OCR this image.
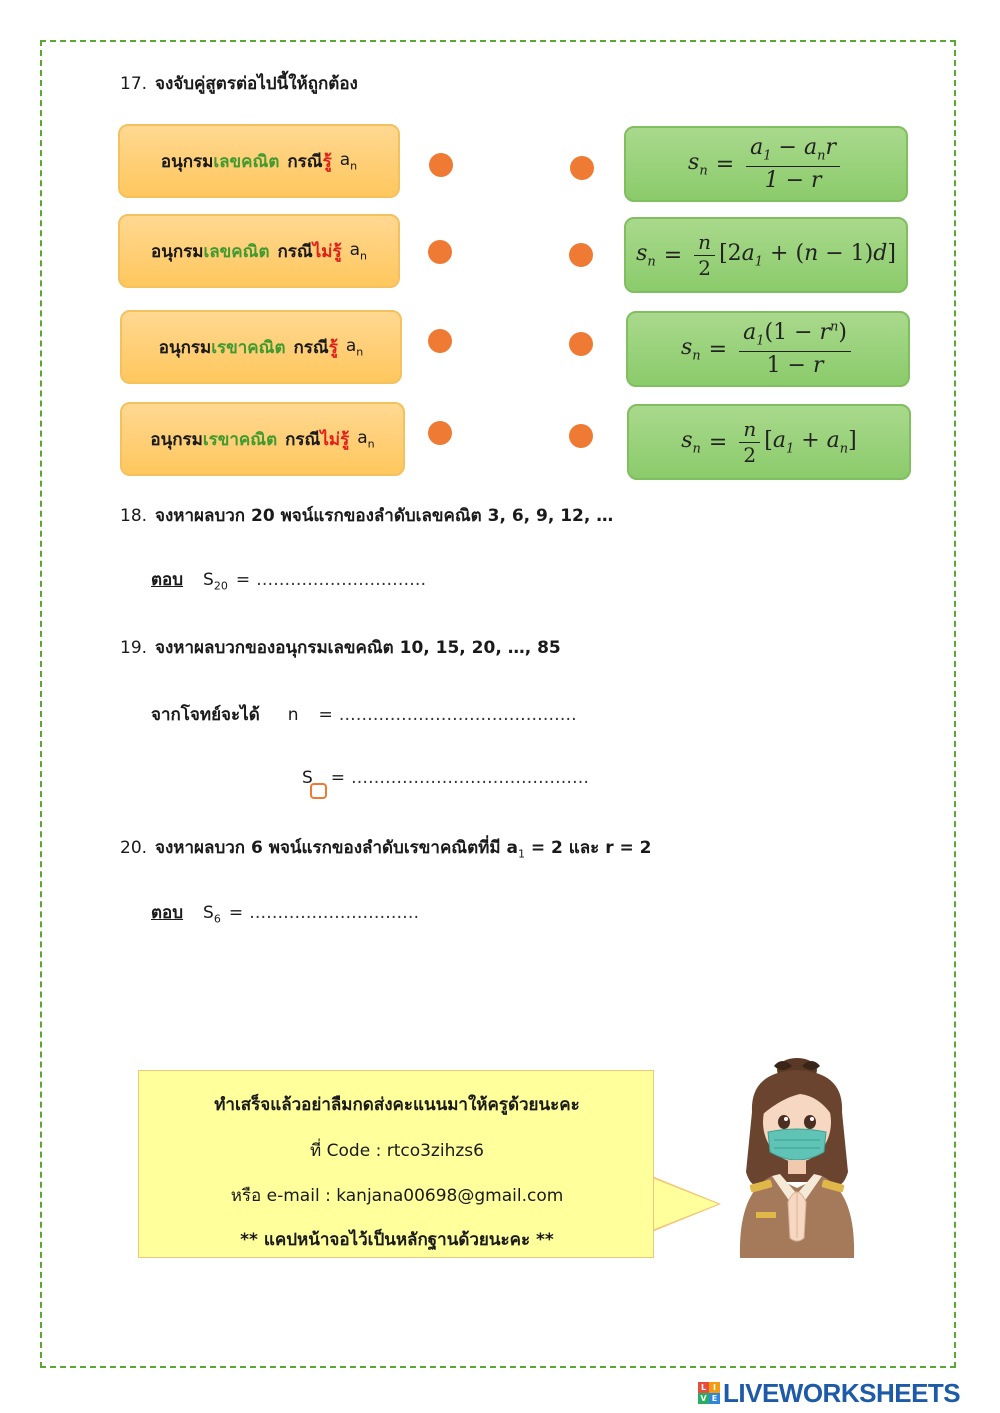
17. จงจับคู่สูตรต่อไปนี้ให้ถูกต้อง
อนุกรม เลขคณิต กรณี รู้ $a_n$
อนุกรม เลขคณิต กรณี ไม่รู้ $a_n$
อนุกรม เรขาคณิต กรณี รู้ $a_n$
อนุกรม เรขาคณิต กรณี ไม่รู้ $a_n$
$s_n = \frac{a_1 - a_nr}{1 - r}$
$s_n = \frac{n}{2} [2a_1 + (n - 1)d]$
$s_n = \frac{a_1(1 - r^n)}{1 - r}$
$s_n = \frac{n}{2} [a_1 + a_n]$
18. จงหาผลบวก 20 พจน์แรกของลำดับเลขคณิต 3, 6, 9, 12, …
ตอบ $S_{20}$ = …………………………
19. จงหาผลบวกของอนุกรมเลขคณิต 10, 15, 20, …, 85
จากโจทย์จะได้ n = ……………………………………
S = ……………………………………
20. จงหาผลบวก 6 พจน์แรกของลำดับเรขาคณิตที่มี $a_1 = 2$ และ r = 2
ตอบ $S_6$ = …………………………
ทำเสร็จแล้วอย่าลืมกดส่งคะแนนมาให้ครูด้วยนะคะ
ที่ Code : rtco3zihzs6
หรือ e-mail : kanjana00698@gmail.com
** แคปหน้าจอไว้เป็นหลักฐานด้วยนะคะ **
L I
V E LIVEWORKSHEETS
